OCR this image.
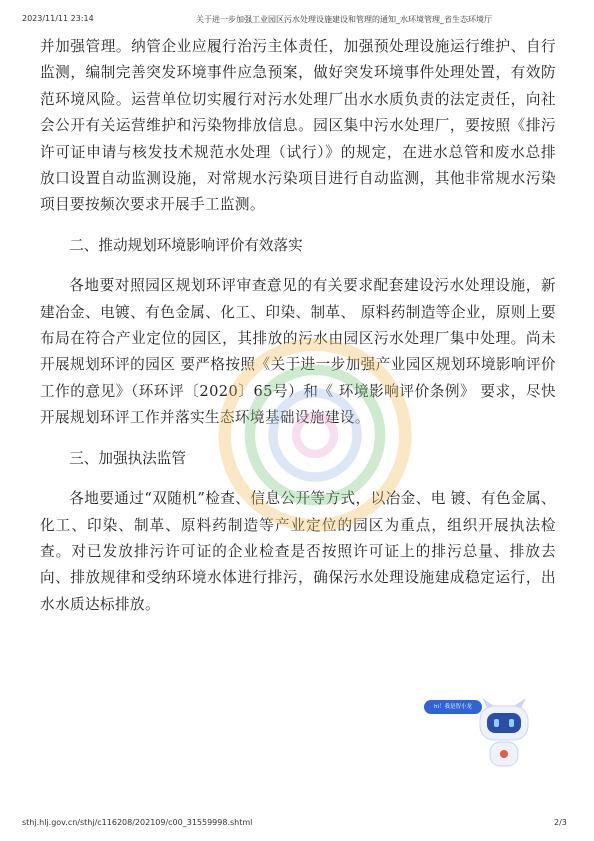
2023/11/11 23:14	关于进一步加强工业园区污水处理设施建设和管理的通知_水环境管理_省生态环境厅

并加强管理。纳管企业应履行治污主体责任，加强预处理设施运行维护、自行监测，编制完善突发环境事件应急预案，做好突发环境事件处理处置，有效防范环境风险。运营单位切实履行对污水处理厂出水水质负责的法定责任，向社会公开有关运营维护和污染物排放信息。园区集中污水处理厂，要按照《排污许可证申请与核发技术规范水处理（试行）》的规定，在进水总管和废水总排放口设置自动监测设施，对常规水污染项目进行自动监测，其他非常规水污染项目要按频次要求开展手工监测。

二、推动规划环境影响评价有效落实

各地要对照园区规划环评审查意见的有关要求配套建设污水处理设施，新建冶金、电镀、有色金属、化工、印染、制革、 原料药制造等企业，原则上要布局在符合产业定位的园区，其排放的污水由园区污水处理厂集中处理。尚未开展规划环评的园区 要严格按照《关于进一步加强产业园区规划环境影响评价工作的意见》（环环评〔2020〕65号）和《 环境影响评价条例》 要求，尽快开展规划环评工作并落实生态环境基础设施建设。

三、加强执法监管

各地要通过“双随机”检查、信息公开等方式，以冶金、电 镀、有色金属、化工、印染、制革、原料药制造等产业定位的园区为重点，组织开展执法检查。对已发放排污许可证的企业检查是否按照许可证上的排污总量、排放去向、排放规律和受纳环境水体进行排污，确保污水处理设施建成稳定运行，出水水质达标排放。

hi！我是智小龙
sthj.hlj.gov.cn/sthj/c116208/202109/c00_31559998.shtml	2/3
